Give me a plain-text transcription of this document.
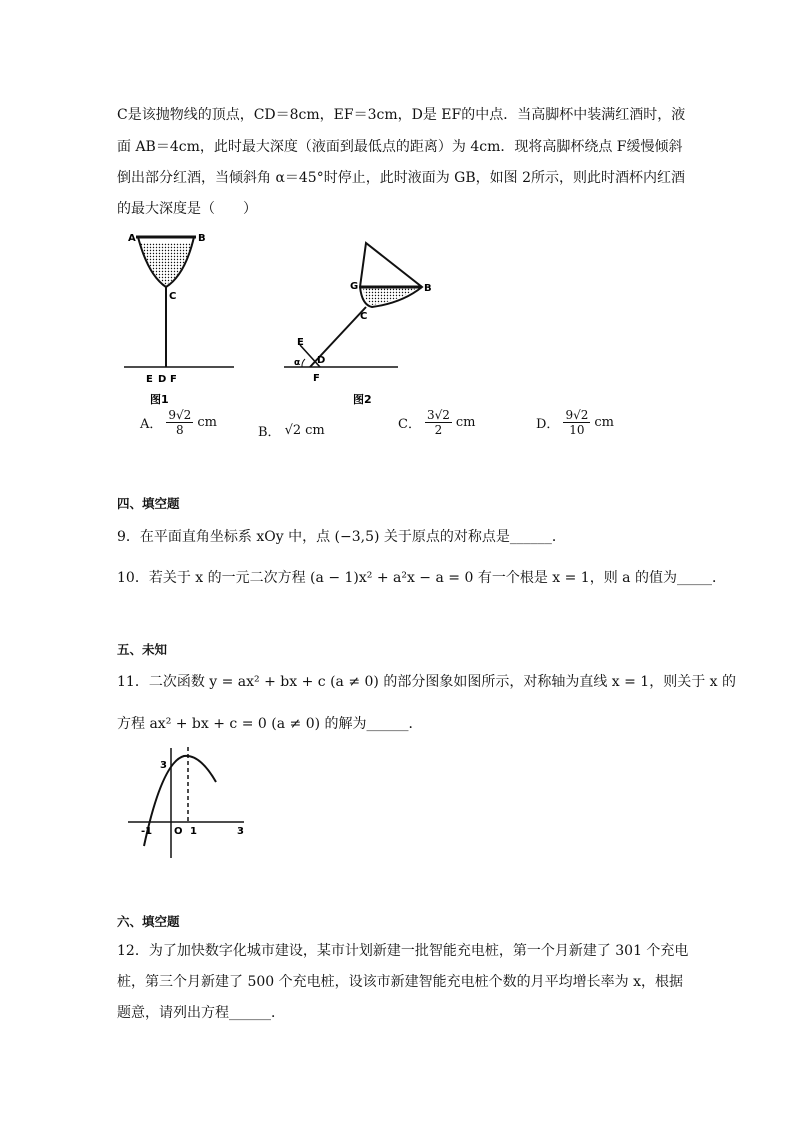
C是该抛物线的顶点，CD＝8cm，EF＝3cm，D是 EF的中点．当高脚杯中装满红酒时，液
面 AB＝4cm，此时最大深度（液面到最低点的距离）为 4cm．现将高脚杯绕点 F缓慢倾斜
倒出部分红酒，当倾斜角 α＝45°时停止，此时液面为 GB，如图 2所示，则此时酒杯内红酒
的最大深度是（　　）
A	B
C
E D F
图1
G	B
C
E
D
α
F
图2
A． $\frac{9√2}{8}$ cm
B． √2 cm	C． $\frac{3√2}{2}$ cm	D． $\frac{9√2}{10}$ cm
四、填空题
9．在平面直角坐标系 xOy 中，点 (−3,5) 关于原点的对称点是______．
10．若关于 x 的一元二次方程 (a − 1)x² + a²x − a = 0 有一个根是 x = 1，则 a 的值为_____．
五、未知
11．二次函数 y = ax² + bx + c (a ≠ 0) 的部分图象如图所示，对称轴为直线 x = 1，则关于 x 的
方程 ax² + bx + c = 0 (a ≠ 0) 的解为______．
3
-1 O 1	3
六、填空题
12．为了加快数字化城市建设，某市计划新建一批智能充电桩，第一个月新建了 301 个充电
桩，第三个月新建了 500 个充电桩，设该市新建智能充电桩个数的月平均增长率为 x，根据
题意，请列出方程______．
